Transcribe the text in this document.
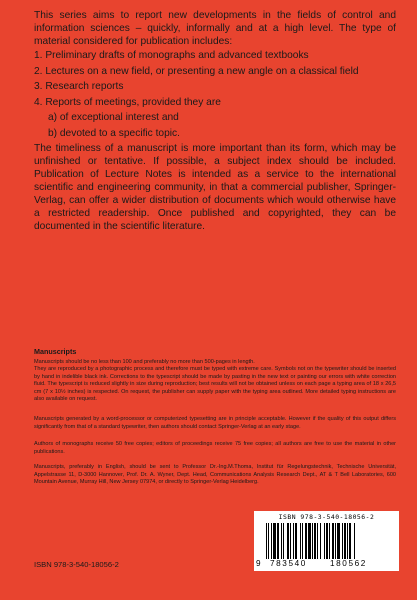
This series aims to report new developments in the fields of control and information sciences – quickly, informally and at a high level. The type of material considered for publication includes:

1. Preliminary drafts of monographs and advanced textbooks
2. Lectures on a new field, or presenting a new angle on a classical field
3. Research reports
4. Reports of meetings, provided they are
a) of exceptional interest and
b) devoted to a specific topic.

The timeliness of a manuscript is more important than its form, which may be unfinished or tentative. If possible, a subject index should be included. Publication of Lecture Notes is intended as a service to the international scientific and engineering community, in that a commercial publisher, Springer-Verlag, can offer a wider distribution of documents which would otherwise have a restricted readership. Once published and copyrighted, they can be documented in the scientific literature.

Manuscripts

Manuscripts should be no less than 100 and preferably no more than 500-pages in length.

They are reproduced by a photographic process and therefore must be typed with extreme care. Symbols not on the typewriter should be inserted by hand in indelible black ink. Corrections to the typescript should be made by pasting in the new text or painting our errors with white correction fluid. The typescript is reduced slightly in size during reproduction; best results will not be obtained unless on each page a typing area of 18 x 26,5 cm (7 x 10½ inches) is respected. On request, the publisher can supply paper with the typing area outlined. More detailed typing instructions are also available on request.

Manuscripts generated by a word-processor or computerized typesetting are in principle acceptable. However if the quality of this output differs significantly from that of a standard typewriter, then authors should contact Springer-Verlag at an early stage.

Authors of monographs receive 50 free copies; editors of proceedings receive 75 free copies; all authors are free to use the material in other publications.

Manuscripts, preferably in English, should be sent to Professor Dr.-Ing.M.Thoma, Institut für Regelungstechnik, Technische Universität, Appelstrasse 11, D-3000 Hannover, Prof. Dr. A. Wyner, Dept. Head, Communications Analysis Research Dept., AT & T Bell Laboratories, 600 Mountain Avenue, Murray Hill, New Jersey 07974, or directly to Springer-Verlag Heidelberg.

ISBN 978-3-540-18056-2
9 783540	180562
ISBN 978-3-540-18056-2
